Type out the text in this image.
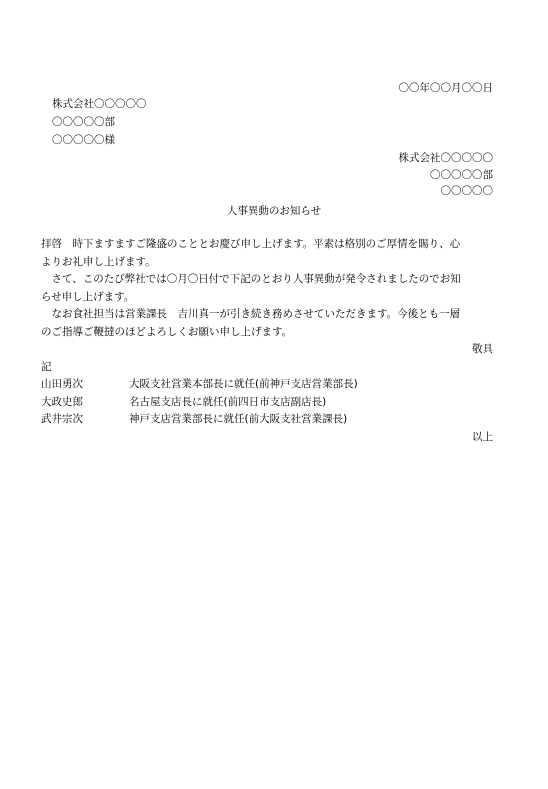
〇〇年〇〇月〇〇日
株式会社〇〇〇〇〇
〇〇〇〇〇部
〇〇〇〇〇様
株式会社〇〇〇〇〇
〇〇〇〇〇部
〇〇〇〇〇
人事異動のお知らせ
拝啓　時下ますますご隆盛のこととお慶び申し上げます。平素は格別のご厚情を賜り、心
よりお礼申し上げます。
　さて、このたび弊社では〇月〇日付で下記のとおり人事異動が発令されましたのでお知
らせ申し上げます。
　なお食社担当は営業課長　吉川真一が引き続き務めさせていただきます。今後とも一層
のご指導ご鞭撻のほどよろしくお願い申し上げます。
敬具
記
山田勇次	大阪支社営業本部長に就任(前神戸支店営業部長)
大政史郎	名古屋支店長に就任(前四日市支店副店長)
武井宗次	神戸支店営業部長に就任(前大阪支社営業課長)
以上
